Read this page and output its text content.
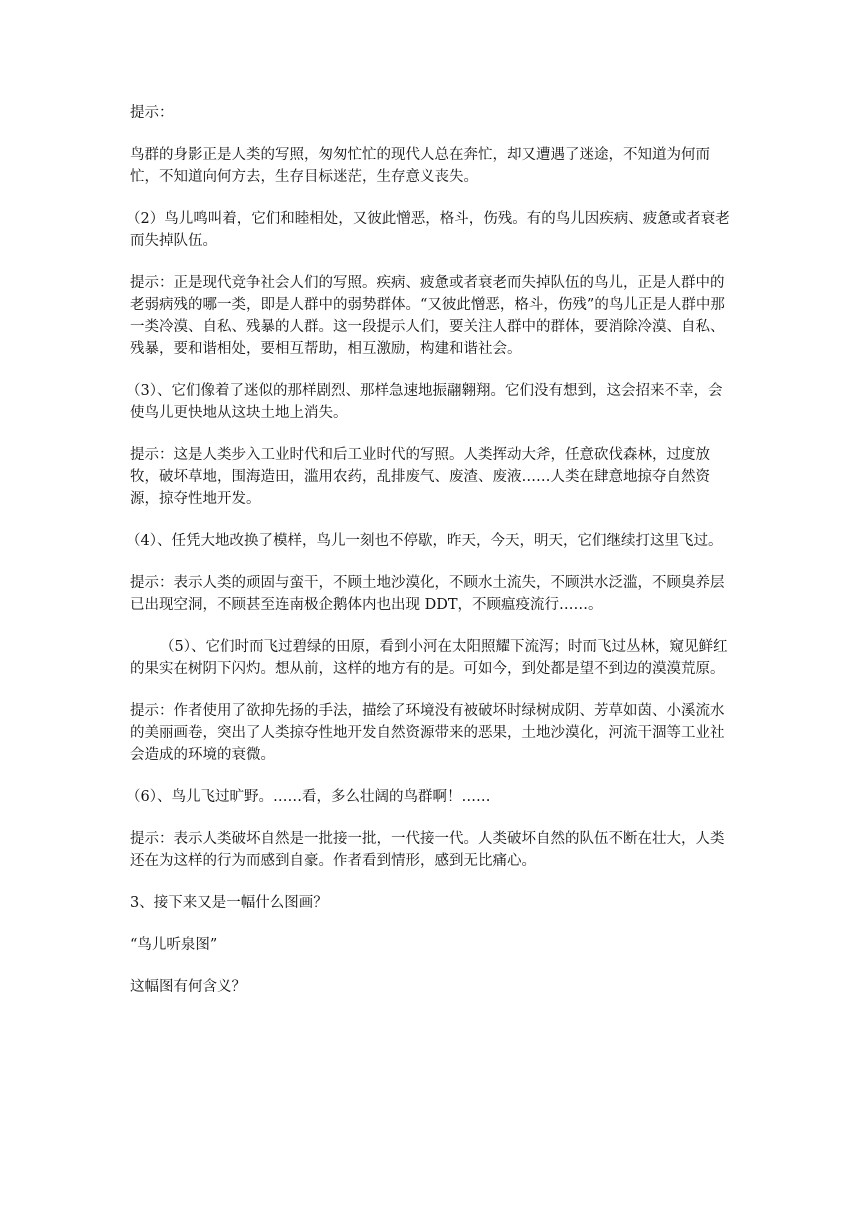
提示：

鸟群的身影正是人类的写照，匆匆忙忙的现代人总在奔忙，却又遭遇了迷途，不知道为何而忙，不知道向何方去，生存目标迷茫，生存意义丧失。

（2）鸟儿鸣叫着，它们和睦相处，又彼此憎恶，格斗，伤残。有的鸟儿因疾病、疲惫或者衰老而失掉队伍。

提示：正是现代竞争社会人们的写照。疾病、疲惫或者衰老而失掉队伍的鸟儿，正是人群中的老弱病残的哪一类，即是人群中的弱势群体。“又彼此憎恶，格斗，伤残”的鸟儿正是人群中那一类冷漠、自私、残暴的人群。这一段提示人们，要关注人群中的群体，要消除冷漠、自私、残暴，要和谐相处，要相互帮助，相互激励，构建和谐社会。

（3）、它们像着了迷似的那样剧烈、那样急速地振翮翱翔。它们没有想到，这会招来不幸，会使鸟儿更快地从这块土地上消失。

提示：这是人类步入工业时代和后工业时代的写照。人类挥动大斧，任意砍伐森林，过度放牧，破坏草地，围海造田，滥用农药，乱排废气、废渣、废液……人类在肆意地掠夺自然资源，掠夺性地开发。

（4）、任凭大地改换了模样，鸟儿一刻也不停歇，昨天，今天，明天，它们继续打这里飞过。

提示：表示人类的顽固与蛮干，不顾土地沙漠化，不顾水土流失，不顾洪水泛滥，不顾臭养层已出现空洞，不顾甚至连南极企鹅体内也出现 DDT，不顾瘟疫流行……。

（5）、它们时而飞过碧绿的田原，看到小河在太阳照耀下流泻；时而飞过丛林，窥见鲜红的果实在树阴下闪灼。想从前，这样的地方有的是。可如今，到处都是望不到边的漠漠荒原。

提示：作者使用了欲抑先扬的手法，描绘了环境没有被破坏时绿树成阴、芳草如茵、小溪流水的美丽画卷，突出了人类掠夺性地开发自然资源带来的恶果，土地沙漠化，河流干涸等工业社会造成的环境的衰微。

（6）、鸟儿飞过旷野。……看，多么壮阔的鸟群啊！……

提示：表示人类破坏自然是一批接一批，一代接一代。人类破坏自然的队伍不断在壮大，人类还在为这样的行为而感到自豪。作者看到情形，感到无比痛心。

3、接下来又是一幅什么图画？

“鸟儿听泉图”

这幅图有何含义？
